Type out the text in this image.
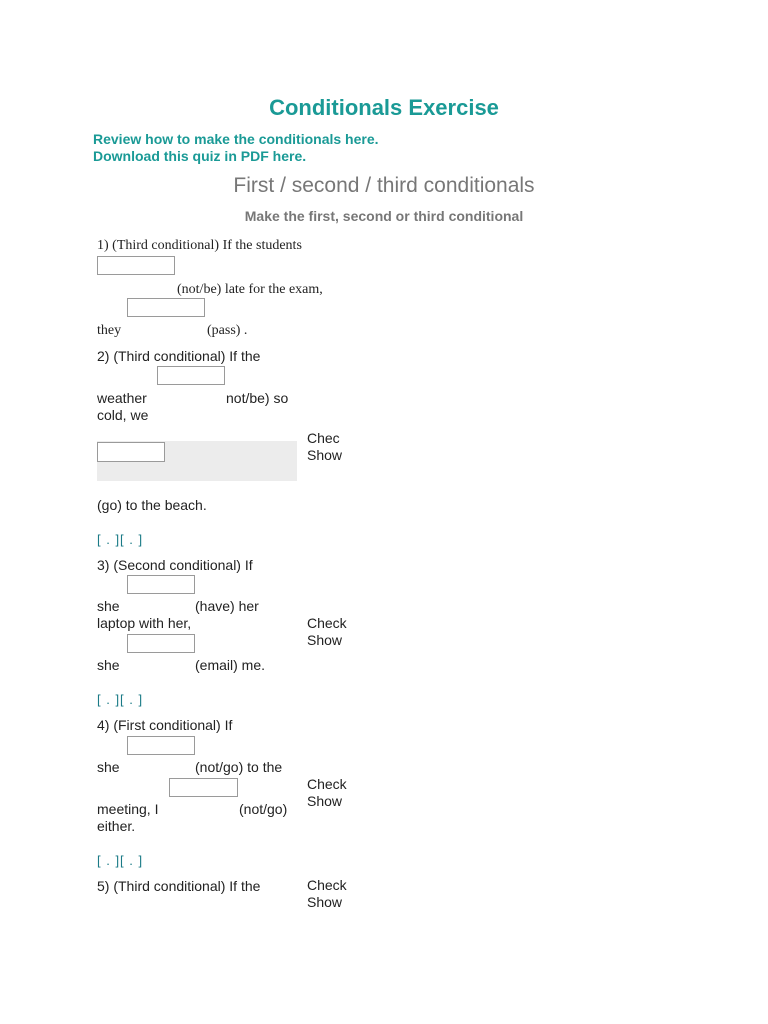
Conditionals Exercise
Review how to make the conditionals here.
Download this quiz in PDF here.
First / second / third conditionals
Make the first, second or third conditional
1) (Third conditional) If the students
(not/be) late for the exam,
they	(pass) .
2) (Third conditional) If the
weather	not/be) so
cold, we
Chec
Show
(go) to the beach.
[ . ][ . ]
3) (Second conditional) If
she	(have) her
laptop with her,	Check
Show
she	(email) me.
[ . ][ . ]
4) (First conditional) If
she	(not/go) to the
Check
Show
meeting, I	(not/go)
either.
[ . ][ . ]
5) (Third conditional) If the	Check
Show
